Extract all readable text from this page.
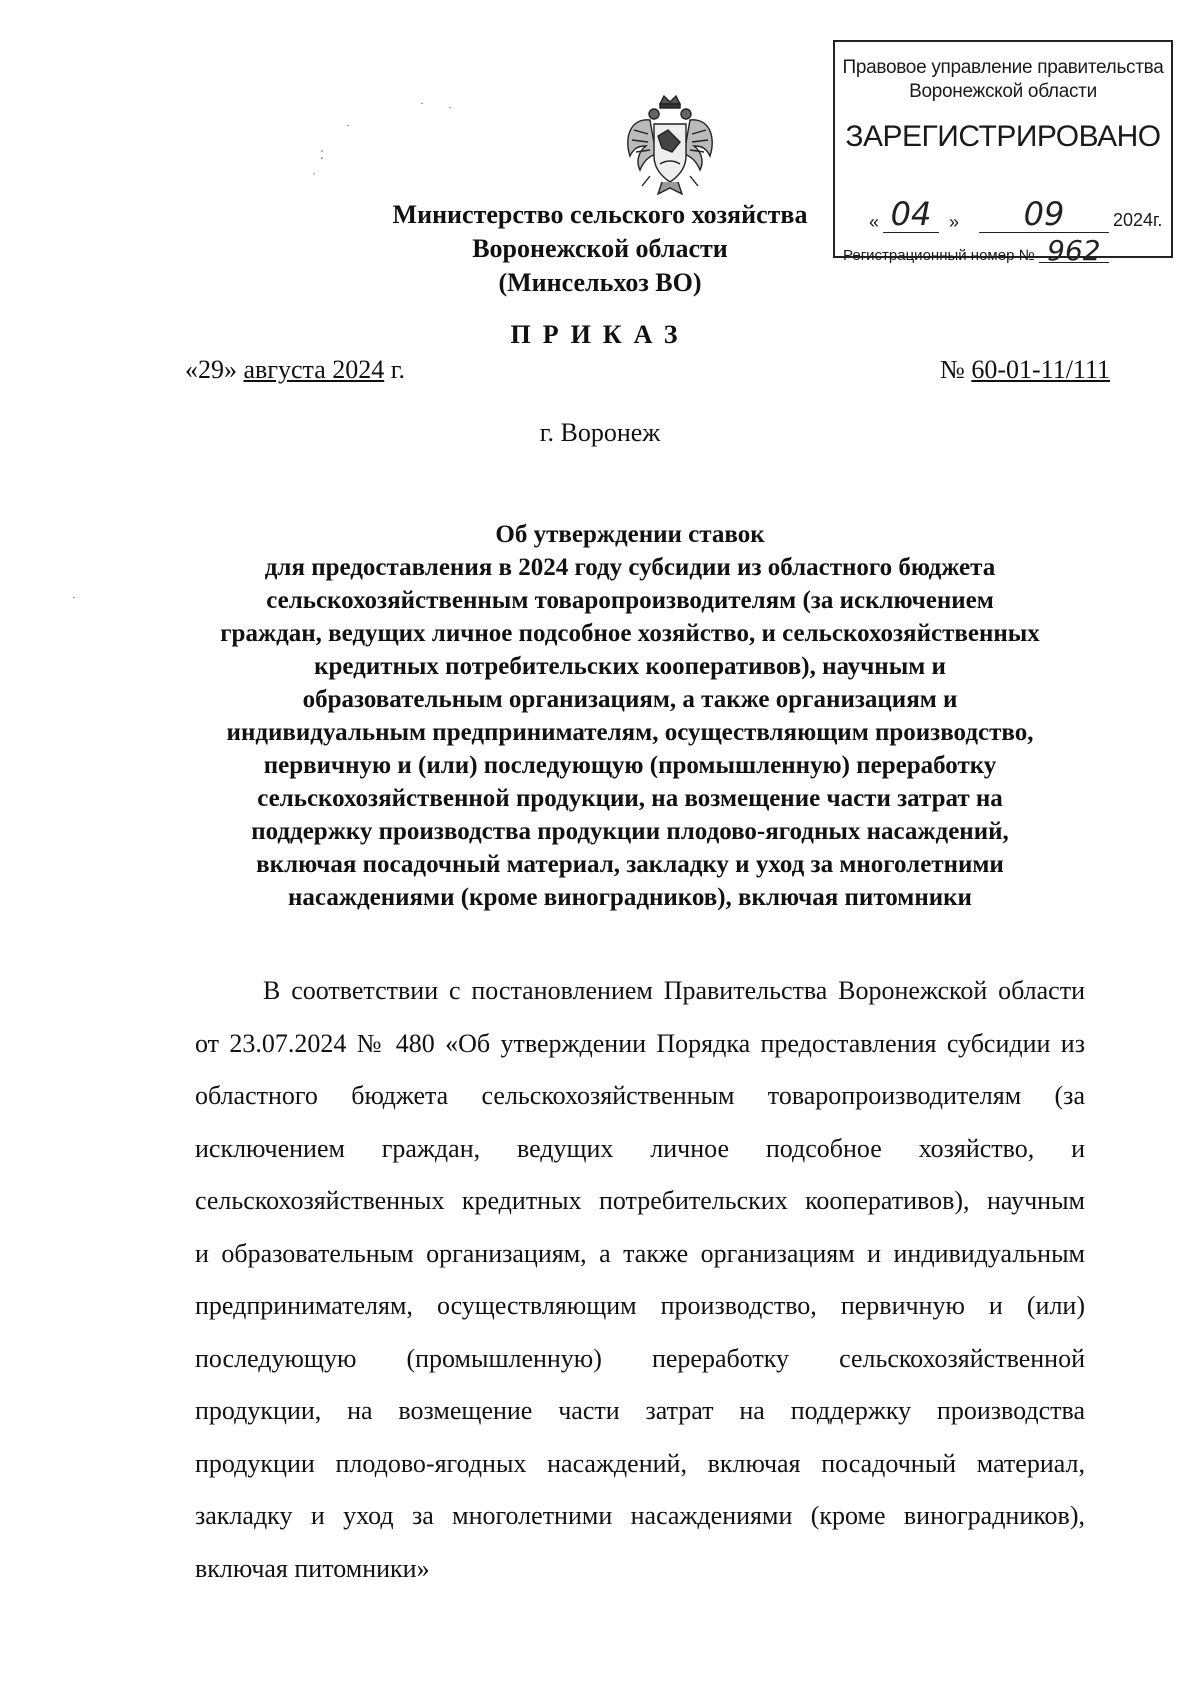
·
· ·
⁚
ʾ
·
Правовое управление правительства
Воронежской области
ЗАРЕГИСТРИРОВАНО
« 04 »	09	2024г.
Регистрационный номер № 962
Министерство сельского хозяйства
Воронежской области
(Минсельхоз ВО)
ПРИКАЗ
«29» августа 2024 г.	№ 60-01-11/111
г. Воронеж
Об утверждении ставок
для предоставления в 2024 году субсидии из областного бюджета
сельскохозяйственным товаропроизводителям (за исключением
граждан, ведущих личное подсобное хозяйство, и сельскохозяйственных
кредитных потребительских кооперативов), научным и
образовательным организациям, а также организациям и
индивидуальным предпринимателям, осуществляющим производство,
первичную и (или) последующую (промышленную) переработку
сельскохозяйственной продукции, на возмещение части затрат на
поддержку производства продукции плодово-ягодных насаждений,
включая посадочный материал, закладку и уход за многолетними
насаждениями (кроме виноградников), включая питомники
В соответствии с постановлением Правительства Воронежской области
от 23.07.2024 № 480 «Об утверждении Порядка предоставления субсидии из
областного бюджета сельскохозяйственным товаропроизводителям (за
исключением граждан, ведущих личное подсобное хозяйство, и
сельскохозяйственных кредитных потребительских кооперативов), научным
и образовательным организациям, а также организациям и индивидуальным
предпринимателям, осуществляющим производство, первичную и (или)
последующую (промышленную) переработку сельскохозяйственной
продукции, на возмещение части затрат на поддержку производства
продукции плодово-ягодных насаждений, включая посадочный материал,
закладку и уход за многолетними насаждениями (кроме виноградников),
включая питомники»
